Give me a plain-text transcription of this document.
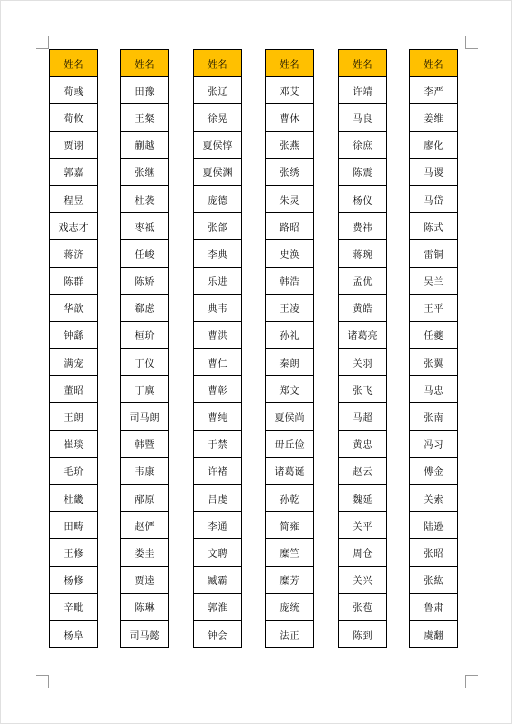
姓名
荀彧
荀攸
贾诩
郭嘉
程昱
戏志才
蒋济
陈群
华歆
钟繇
满宠
董昭
王朗
崔琰
毛玠
杜畿
田畴
王修
杨修
辛毗
杨阜
姓名
田豫
王粲
蒯越
张继
杜袭
枣祗
任峻
陈矫
郗虑
桓玠
丁仪
丁廙
司马朗
韩暨
韦康
邴原
赵俨
娄圭
贾逵
陈琳
司马懿
姓名
张辽
徐晃
夏侯惇
夏侯渊
庞德
张郃
李典
乐进
典韦
曹洪
曹仁
曹彰
曹纯
于禁
许褚
吕虔
李通
文聘
臧霸
郭淮
钟会
姓名
邓艾
曹休
张燕
张绣
朱灵
路昭
史涣
韩浩
王凌
孙礼
秦朗
郑文
夏侯尚
毌丘俭
诸葛诞
孙乾
简雍
糜竺
糜芳
庞统
法正
姓名
许靖
马良
徐庶
陈震
杨仪
费祎
蒋琬
孟优
黄皓
诸葛亮
关羽
张飞
马超
黄忠
赵云
魏延
关平
周仓
关兴
张苞
陈到
姓名
李严
姜维
廖化
马谡
马岱
陈式
雷铜
吴兰
王平
任夔
张翼
马忠
张南
冯习
傅金
关索
陆逊
张昭
张紘
鲁肃
虞翻
